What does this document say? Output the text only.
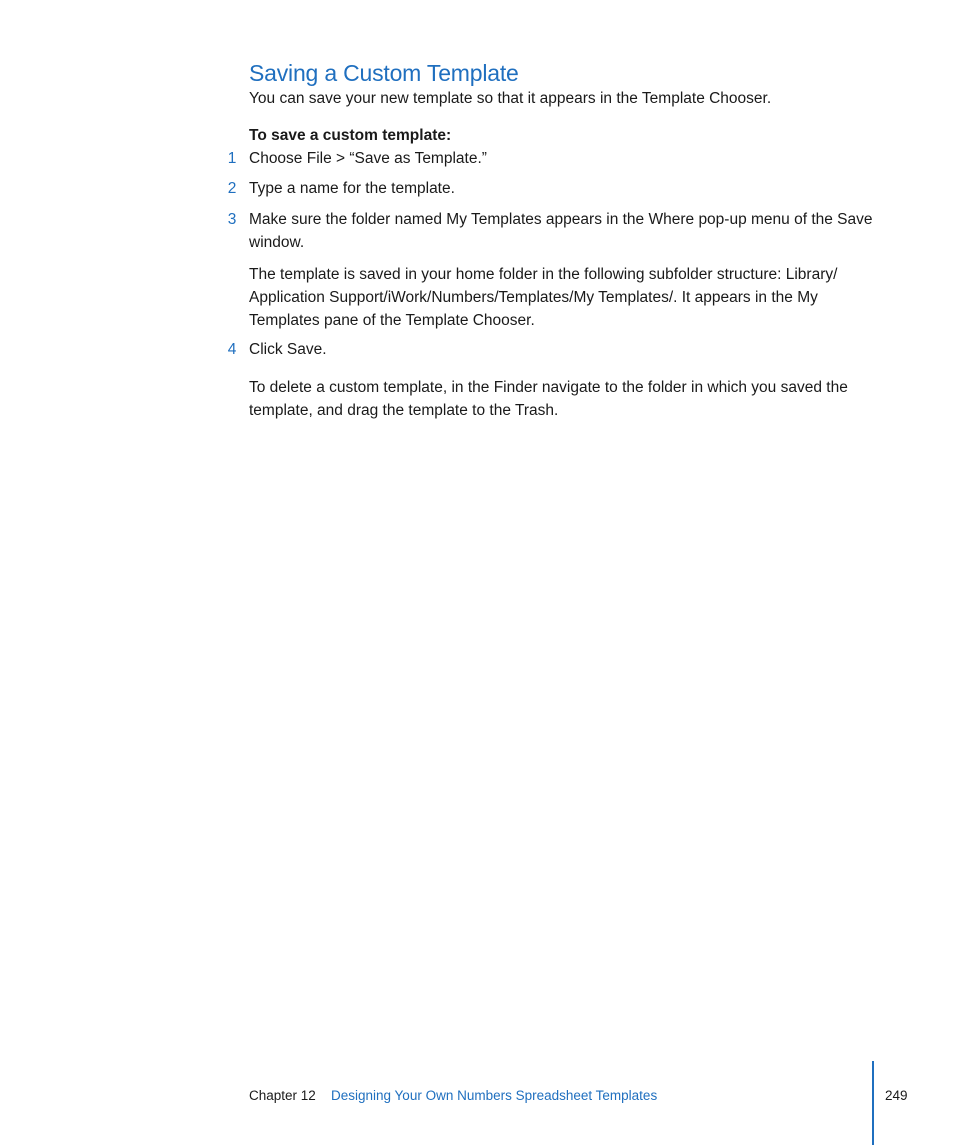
Saving a Custom Template

You can save your new template so that it appears in the Template Chooser.

To save a custom template:

1 Choose File > “Save as Template.”
2 Type a name for the template.
3 Make sure the folder named My Templates appears in the Where pop-up menu of the Save window.

The template is saved in your home folder in the following subfolder structure: Library/ Application Support/iWork/Numbers/Templates/My Templates/. It appears in the My Templates pane of the Template Chooser.

4 Click Save.

To delete a custom template, in the Finder navigate to the folder in which you saved the template, and drag the template to the Trash.

Chapter 12 Designing Your Own Numbers Spreadsheet Templates	249
